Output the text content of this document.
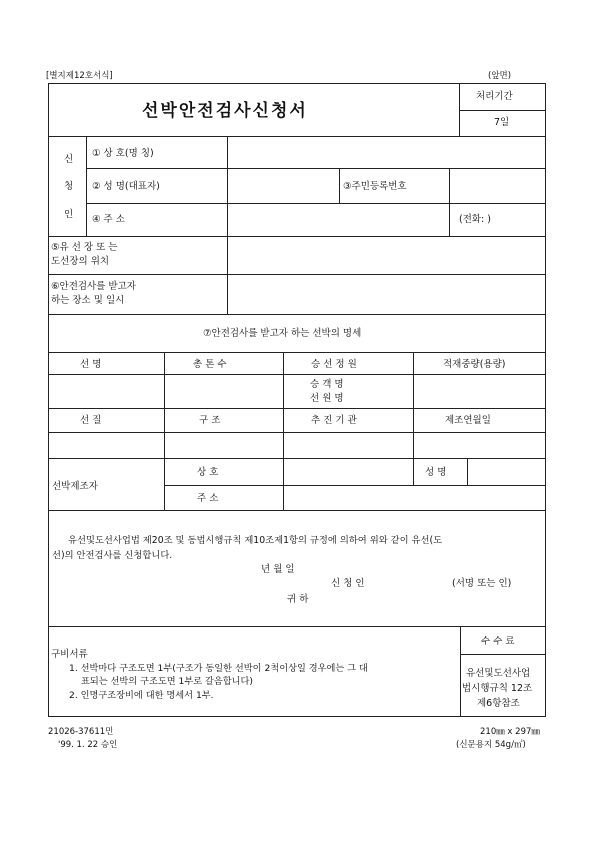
[별지제12호서식]	(앞면)
선박안전검사신청서
처리기간
7일
신
청
인
① 상 호(명 칭)
② 성 명(대표자)	③주민등록번호
④ 주 소	(전화: )
⑤유 선 장 또 는
도선장의 위치
⑥안전검사를 받고자
하는 장소 및 일시
⑦안전검사를 받고자 하는 선박의 명세
선 명	총 톤 수	승 선 정 원	적재중량(용량)
승 객 명
선 원 명
선 질	구 조	추 진 기 관	제조연월일
선박제조자
상 호	성 명
주 소
유선및도선사업법 제20조 및 동법시행규칙 제10조제1항의 규정에 의하여 위와 같이 유선(도
선)의 안전검사를 신청합니다.
년 월 일
신 청 인	(서명 또는 인)
귀 하
구비서류
1. 선박마다 구조도면 1부(구조가 동일한 선박이 2척이상일 경우에는 그 대
표되는 선박의 구조도면 1부로 갈음합니다)
2. 인명구조장비에 대한 명세서 1부.
수 수 료
유선및도선사업
법시행규칙 12조
제6항참조
21026-37611민
'99. 1. 22 승인
210㎜ x 297㎜
(신문용지 54g/㎡)
